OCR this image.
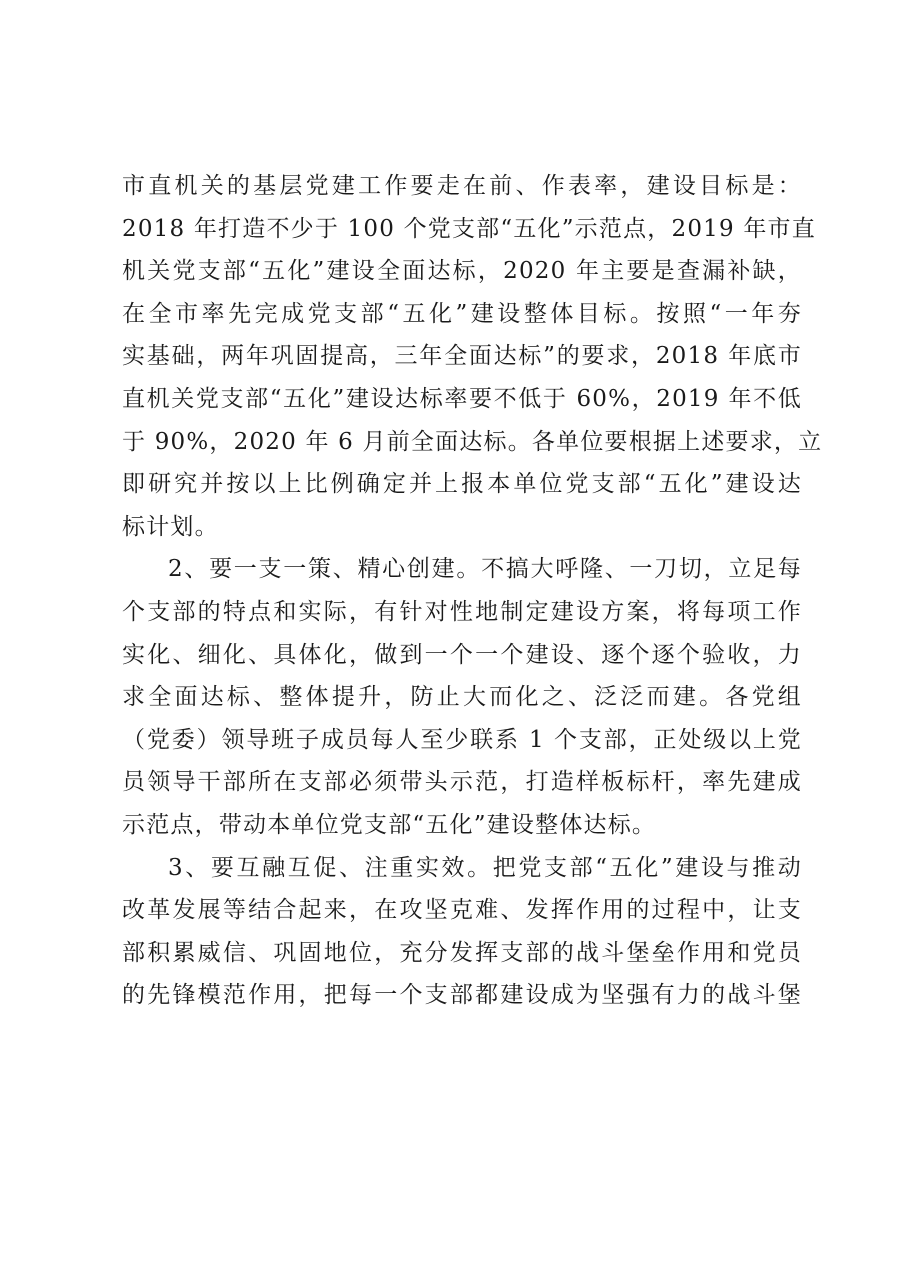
市直机关的基层党建工作要走在前、作表率，建设目标是：
2018 年打造不少于 100 个党支部“五化”示范点，2019 年市直
机关党支部“五化”建设全面达标，2020 年主要是查漏补缺，
在全市率先完成党支部“五化”建设整体目标。按照“一年夯
实基础，两年巩固提高，三年全面达标”的要求，2018 年底市
直机关党支部“五化”建设达标率要不低于 60%，2019 年不低
于 90%，2020 年 6 月前全面达标。各单位要根据上述要求，立
即研究并按以上比例确定并上报本单位党支部“五化”建设达
标计划。
2、要一支一策、精心创建。不搞大呼隆、一刀切，立足每
个支部的特点和实际，有针对性地制定建设方案，将每项工作
实化、细化、具体化，做到一个一个建设、逐个逐个验收，力
求全面达标、整体提升，防止大而化之、泛泛而建。各党组
（党委）领导班子成员每人至少联系 1 个支部，正处级以上党
员领导干部所在支部必须带头示范，打造样板标杆，率先建成
示范点，带动本单位党支部“五化”建设整体达标。
3、要互融互促、注重实效。把党支部“五化”建设与推动
改革发展等结合起来，在攻坚克难、发挥作用的过程中，让支
部积累威信、巩固地位，充分发挥支部的战斗堡垒作用和党员
的先锋模范作用，把每一个支部都建设成为坚强有力的战斗堡
